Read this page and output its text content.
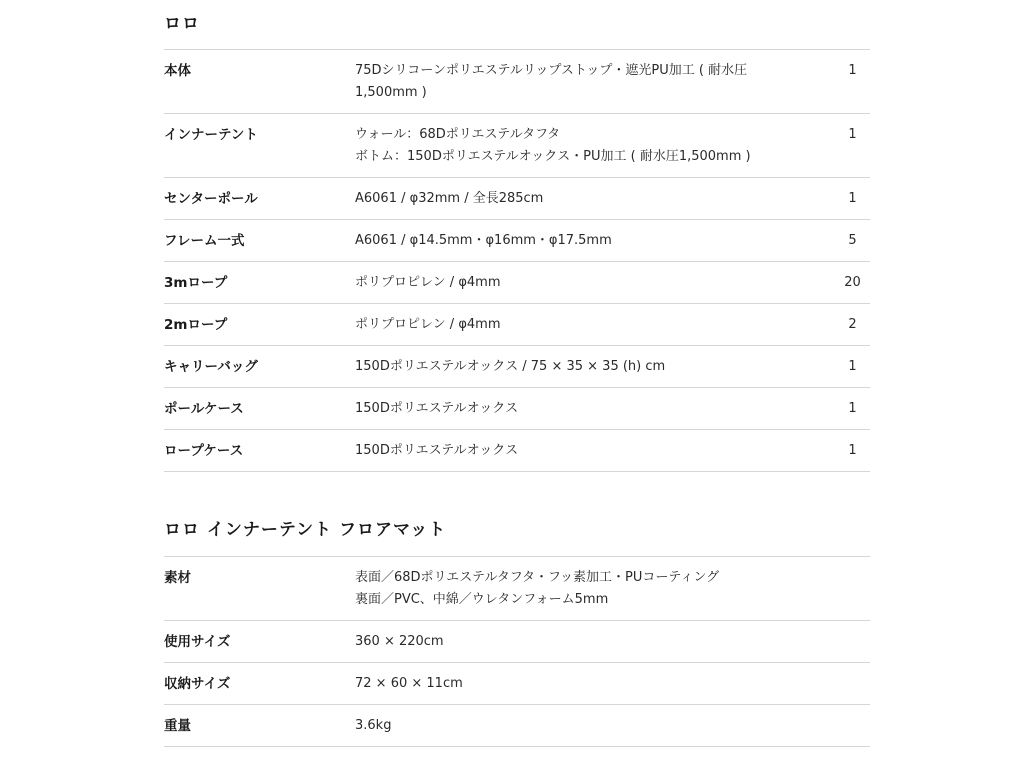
ロロ
本体	75Dシリコーンポリエステルリップストップ・遮光PU加工 ( 耐水圧
1,500mm )	1
インナーテント	ウォール：68Dポリエステルタフタ
ボトム：150Dポリエステルオックス・PU加工 ( 耐水圧1,500mm )	1
センターポール	A6061 / φ32mm / 全長285cm	1
フレーム一式	A6061 / φ14.5mm・φ16mm・φ17.5mm	5
3mロープ	ポリプロピレン / φ4mm	20
2mロープ	ポリプロピレン / φ4mm	2
キャリーバッグ	150Dポリエステルオックス / 75 × 35 × 35 (h) cm	1
ポールケース	150Dポリエステルオックス	1
ロープケース	150Dポリエステルオックス	1
ロロ インナーテント フロアマット
素材	表面／68Dポリエステルタフタ・フッ素加工・PUコーティング
裏面／PVC、中綿／ウレタンフォーム5mm

使用サイズ	360 × 220cm

収納サイズ	72 × 60 × 11cm

重量	3.6kg
